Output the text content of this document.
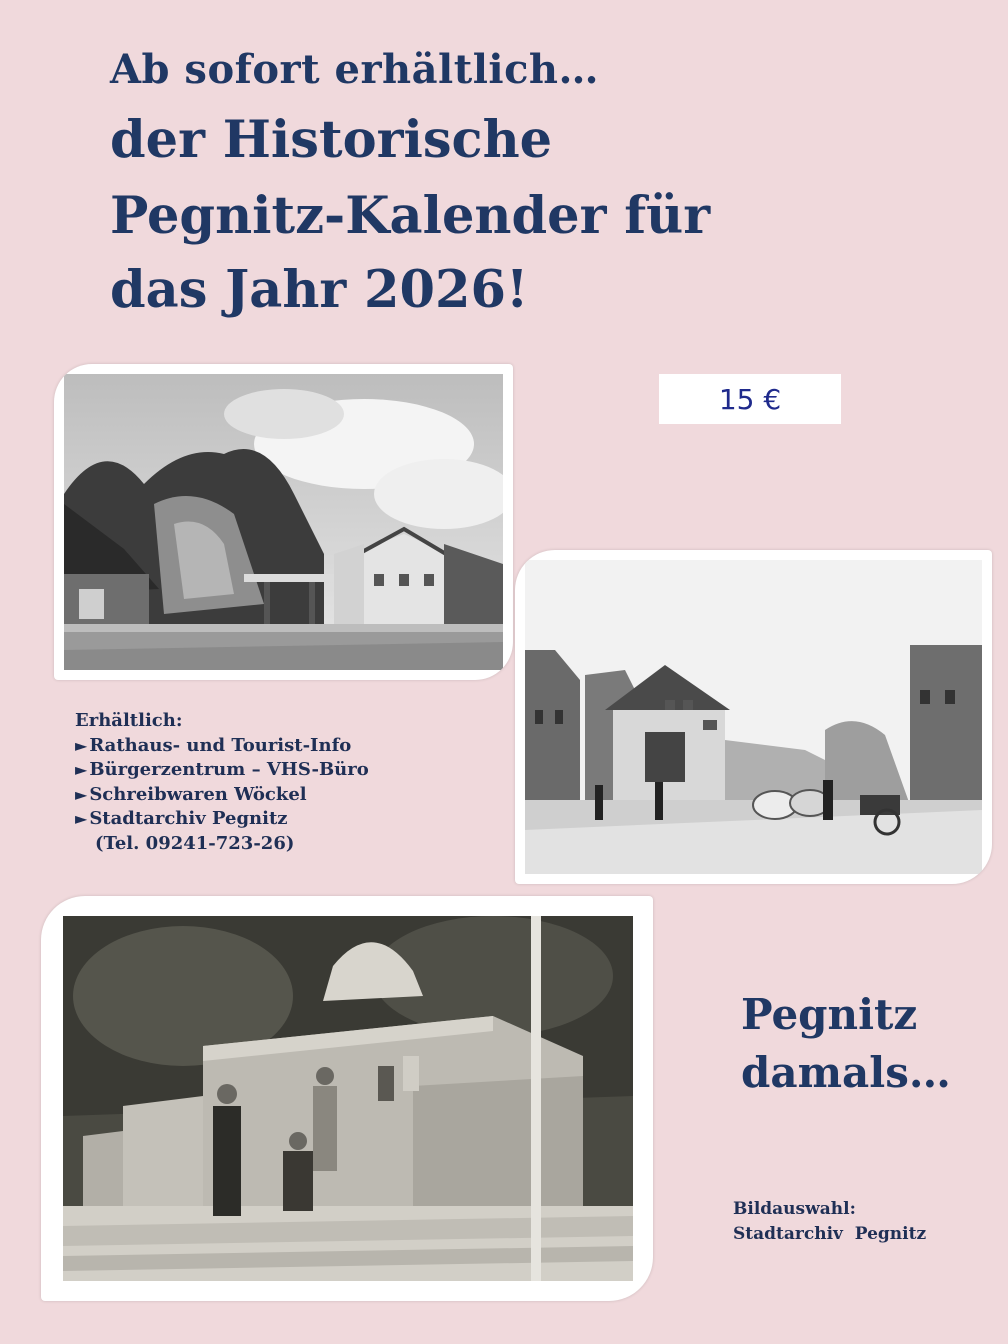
Ab sofort erhältlich…
der Historische
Pegnitz-Kalender für
das Jahr 2026!
15 €
Erhältlich:
► Rathaus- und Tourist-Info
► Bürgerzentrum – VHS-Büro
► Schreibwaren Wöckel
► Stadtarchiv Pegnitz
(Tel. 09241-723-26)
Pegnitz
damals…
Bildauswahl:
Stadtarchiv  Pegnitz
